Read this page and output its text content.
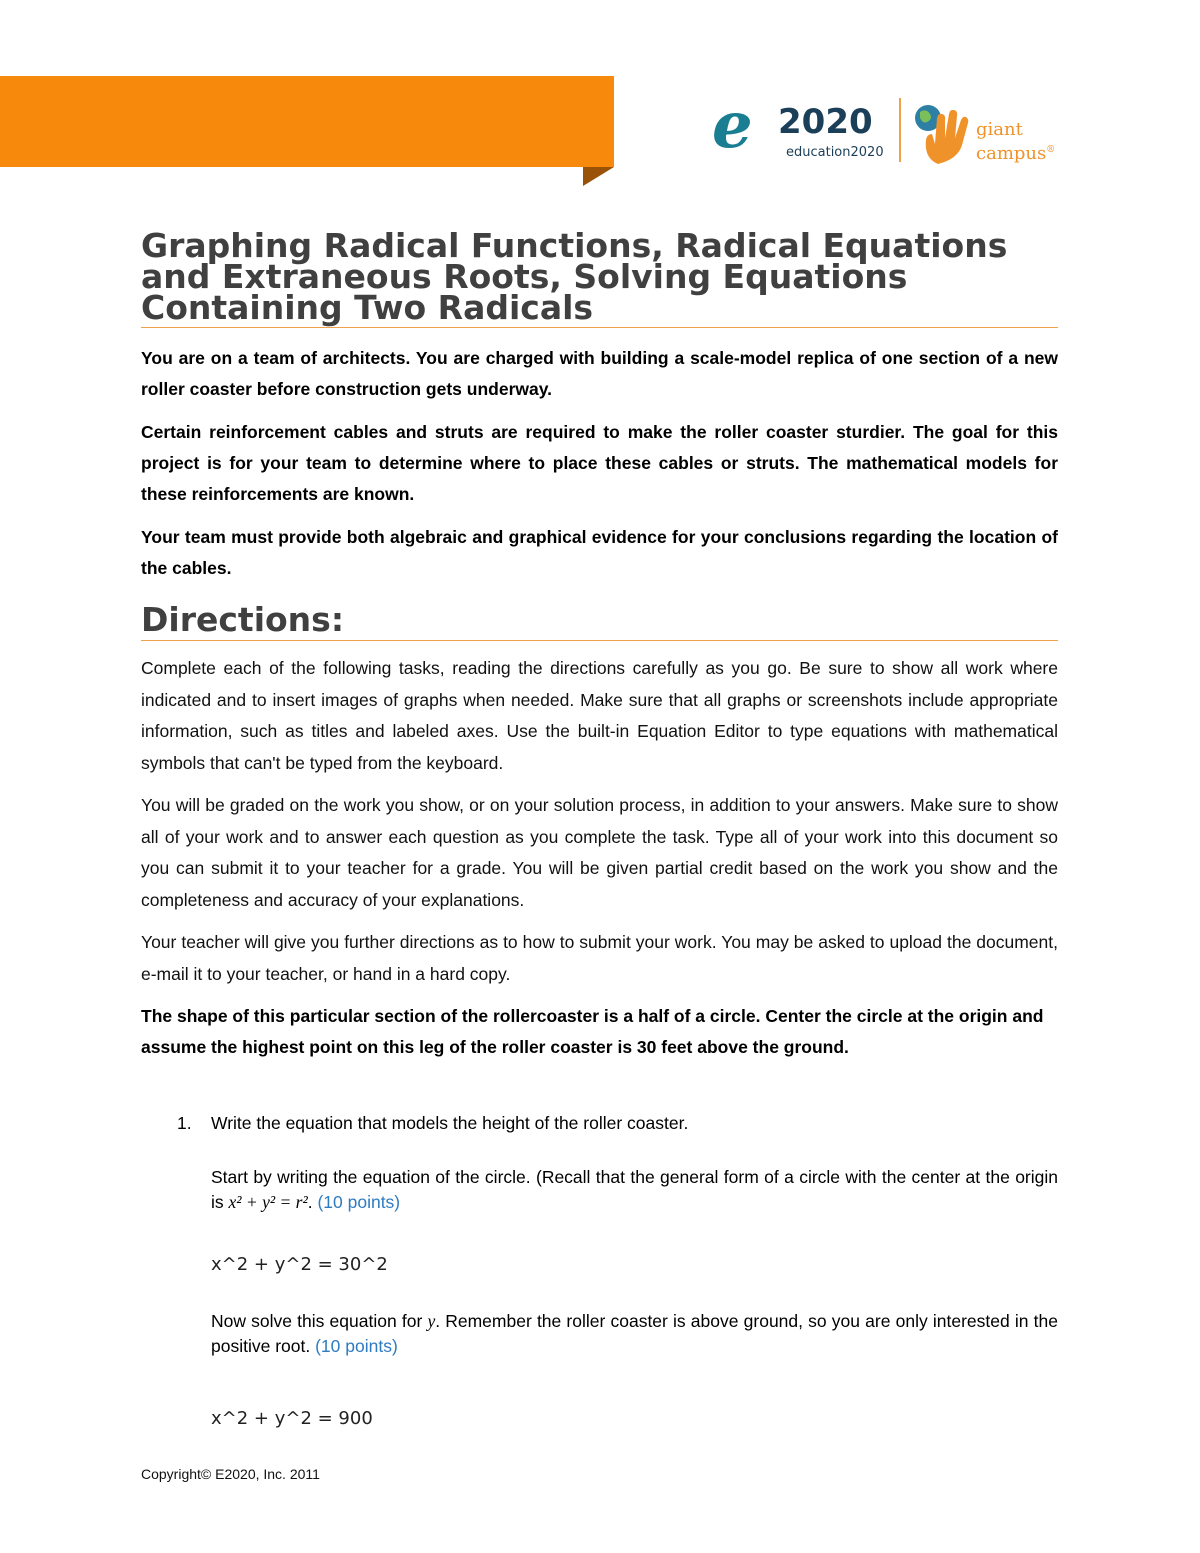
e 2020
education2020
giant campus®
Graphing Radical Functions, Radical Equations and Extraneous Roots, Solving Equations Containing Two Radicals

You are on a team of architects. You are charged with building a scale-model replica of one section of a new roller coaster before construction gets underway.

Certain reinforcement cables and struts are required to make the roller coaster sturdier. The goal for this project is for your team to determine where to place these cables or struts. The mathematical models for these reinforcements are known.

Your team must provide both algebraic and graphical evidence for your conclusions regarding the location of the cables.

Directions:

Complete each of the following tasks, reading the directions carefully as you go. Be sure to show all work where indicated and to insert images of graphs when needed. Make sure that all graphs or screenshots include appropriate information, such as titles and labeled axes. Use the built-in Equation Editor to type equations with mathematical symbols that can't be typed from the keyboard.

You will be graded on the work you show, or on your solution process, in addition to your answers. Make sure to show all of your work and to answer each question as you complete the task. Type all of your work into this document so you can submit it to your teacher for a grade. You will be given partial credit based on the work you show and the completeness and accuracy of your explanations.

Your teacher will give you further directions as to how to submit your work. You may be asked to upload the document, e-mail it to your teacher, or hand in a hard copy.

The shape of this particular section of the rollercoaster is a half of a circle. Center the circle at the origin and assume the highest point on this leg of the roller coaster is 30 feet above the ground.

1. Write the equation that models the height of the roller coaster.

Start by writing the equation of the circle. (Recall that the general form of a circle with the center at the origin is x² + y² = r². (10 points)

x^2 + y^2 = 30^2

Now solve this equation for y. Remember the roller coaster is above ground, so you are only interested in the positive root. (10 points)

x^2 + y^2 = 900

Copyright© E2020, Inc. 2011
